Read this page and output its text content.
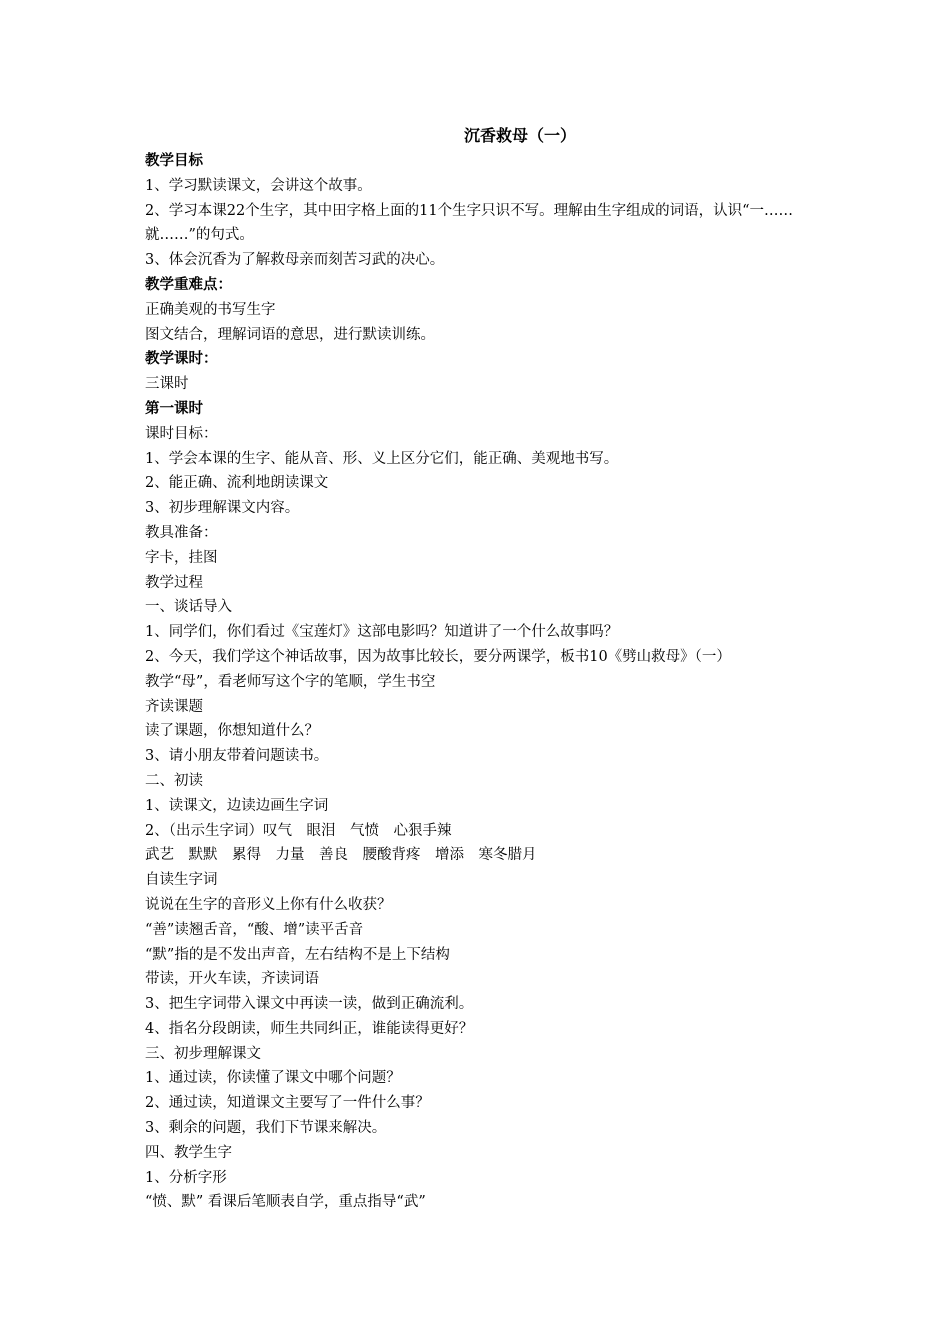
沉香救母（一）
教学目标
1、学习默读课文，会讲这个故事。
2、学习本课22个生字，其中田字格上面的11个生字只识不写。理解由生字组成的词语，认识“一……就……”的句式。
3、体会沉香为了解救母亲而刻苦习武的决心。
教学重难点：
正确美观的书写生字
图文结合，理解词语的意思，进行默读训练。
教学课时：
三课时
第一课时
课时目标：
1、学会本课的生字、能从音、形、义上区分它们，能正确、美观地书写。
2、能正确、流利地朗读课文
3、初步理解课文内容。
教具准备：
字卡，挂图
教学过程
一、谈话导入
1、同学们，你们看过《宝莲灯》这部电影吗？知道讲了一个什么故事吗？
2、今天，我们学这个神话故事，因为故事比较长，要分两课学，板书10《劈山救母》（一）
教学“母”，看老师写这个字的笔顺，学生书空
齐读课题
读了课题，你想知道什么？
3、请小朋友带着问题读书。
二、初读
1、读课文，边读边画生字词
2、（出示生字词）叹气　眼泪　气愤　心狠手辣
武艺　默默　累得　力量　善良　腰酸背疼　增添　寒冬腊月
自读生字词
说说在生字的音形义上你有什么收获？
“善”读翘舌音，“酸、增”读平舌音
“默”指的是不发出声音，左右结构不是上下结构
带读，开火车读，齐读词语
3、把生字词带入课文中再读一读，做到正确流利。
4、指名分段朗读，师生共同纠正，谁能读得更好？
三、初步理解课文
1、通过读，你读懂了课文中哪个问题？
2、通过读，知道课文主要写了一件什么事？
3、剩余的问题，我们下节课来解决。
四、教学生字
1、分析字形
“愤、默” 看课后笔顺表自学，重点指导“武”
